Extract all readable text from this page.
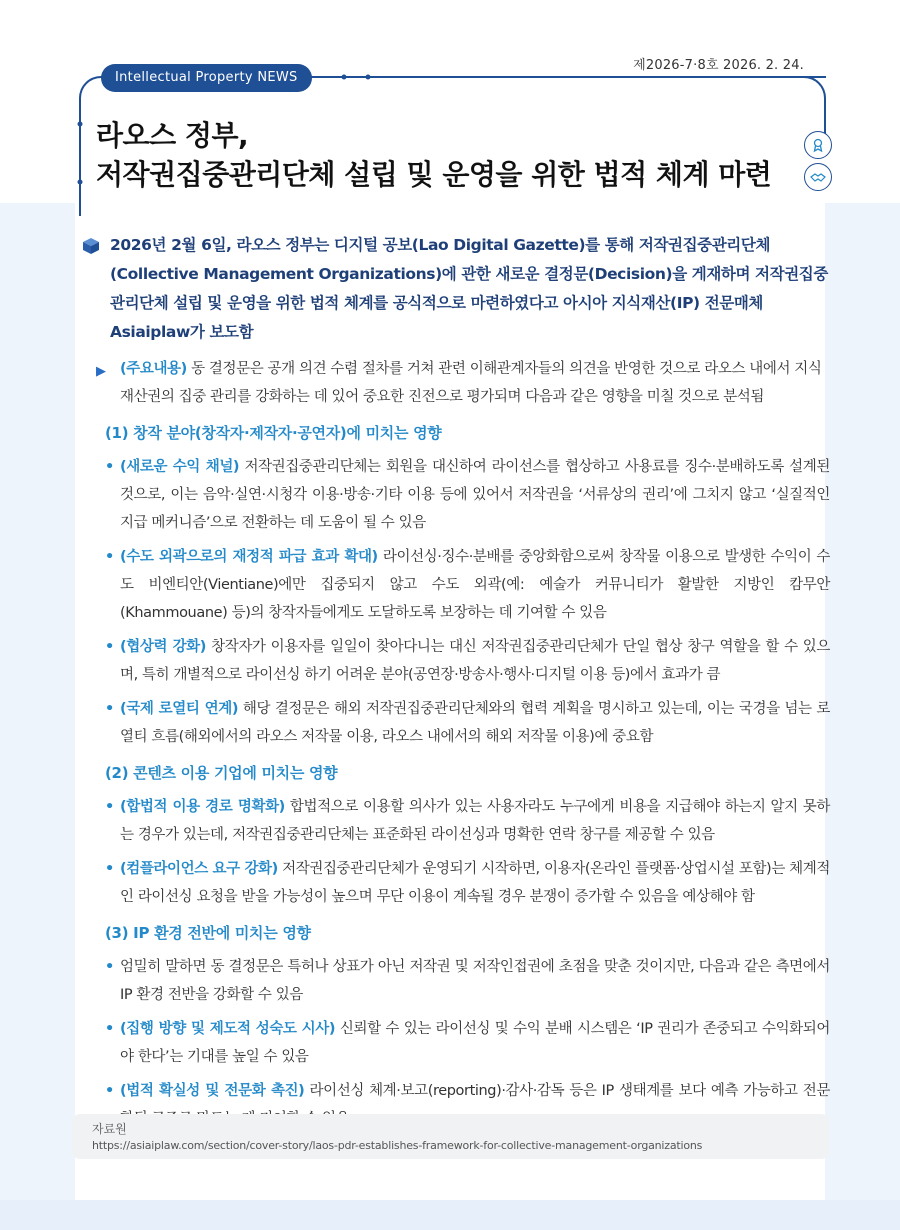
제2026-7·8호 2026. 2. 24.
Intellectual Property NEWS
라오스 정부,
저작권집중관리단체 설립 및 운영을 위한 법적 체계 마련
2026년 2월 6일, 라오스 정부는 디지털 공보(Lao Digital Gazette)를 통해 저작권집중관리단체(Collective Management Organizations)에 관한 새로운 결정문(Decision)을 게재하며 저작권집중관리단체 설립 및 운영을 위한 법적 체계를 공식적으로 마련하였다고 아시아 지식재산(IP) 전문매체 Asiaiplaw가 보도함
▶ (주요내용) 동 결정문은 공개 의견 수렴 절차를 거쳐 관련 이해관계자들의 의견을 반영한 것으로 라오스 내에서 지식재산권의 집중 관리를 강화하는 데 있어 중요한 진전으로 평가되며 다음과 같은 영향을 미칠 것으로 분석됨
(1) 창작 분야(창작자·제작자·공연자)에 미치는 영향
• (새로운 수익 채널) 저작권집중관리단체는 회원을 대신하여 라이선스를 협상하고 사용료를 징수·분배하도록 설계된 것으로, 이는 음악·실연·시청각 이용·방송·기타 이용 등에 있어서 저작권을 ‘서류상의 권리’에 그치지 않고 ‘실질적인 지급 메커니즘’으로 전환하는 데 도움이 될 수 있음
• (수도 외곽으로의 재정적 파급 효과 확대) 라이선싱·징수·분배를 중앙화함으로써 창작물 이용으로 발생한 수익이 수도 비엔티안(Vientiane)에만 집중되지 않고 수도 외곽(예: 예술가 커뮤니티가 활발한 지방인 캄무안(Khammouane) 등)의 창작자들에게도 도달하도록 보장하는 데 기여할 수 있음
• (협상력 강화) 창작자가 이용자를 일일이 찾아다니는 대신 저작권집중관리단체가 단일 협상 창구 역할을 할 수 있으며, 특히 개별적으로 라이선싱 하기 어려운 분야(공연장·방송사·행사·디지털 이용 등)에서 효과가 큼
• (국제 로열티 연계) 해당 결정문은 해외 저작권집중관리단체와의 협력 계획을 명시하고 있는데, 이는 국경을 넘는 로열티 흐름(해외에서의 라오스 저작물 이용, 라오스 내에서의 해외 저작물 이용)에 중요함
(2) 콘텐츠 이용 기업에 미치는 영향
• (합법적 이용 경로 명확화) 합법적으로 이용할 의사가 있는 사용자라도 누구에게 비용을 지급해야 하는지 알지 못하는 경우가 있는데, 저작권집중관리단체는 표준화된 라이선싱과 명확한 연락 창구를 제공할 수 있음
• (컴플라이언스 요구 강화) 저작권집중관리단체가 운영되기 시작하면, 이용자(온라인 플랫폼·상업시설 포함)는 체계적인 라이선싱 요청을 받을 가능성이 높으며 무단 이용이 계속될 경우 분쟁이 증가할 수 있음을 예상해야 함
(3) IP 환경 전반에 미치는 영향
• 엄밀히 말하면 동 결정문은 특허나 상표가 아닌 저작권 및 저작인접권에 초점을 맞춘 것이지만, 다음과 같은 측면에서 IP 환경 전반을 강화할 수 있음
• (집행 방향 및 제도적 성숙도 시사) 신뢰할 수 있는 라이선싱 및 수익 분배 시스템은 ‘IP 권리가 존중되고 수익화되어야 한다’는 기대를 높일 수 있음
• (법적 확실성 및 전문화 촉진) 라이선싱 체계·보고(reporting)·감사·감독 등은 IP 생태계를 보다 예측 가능하고 전문
자료원
https://asiaiplaw.com/section/cover-story/laos-pdr-establishes-framework-for-collective-management-organizations
